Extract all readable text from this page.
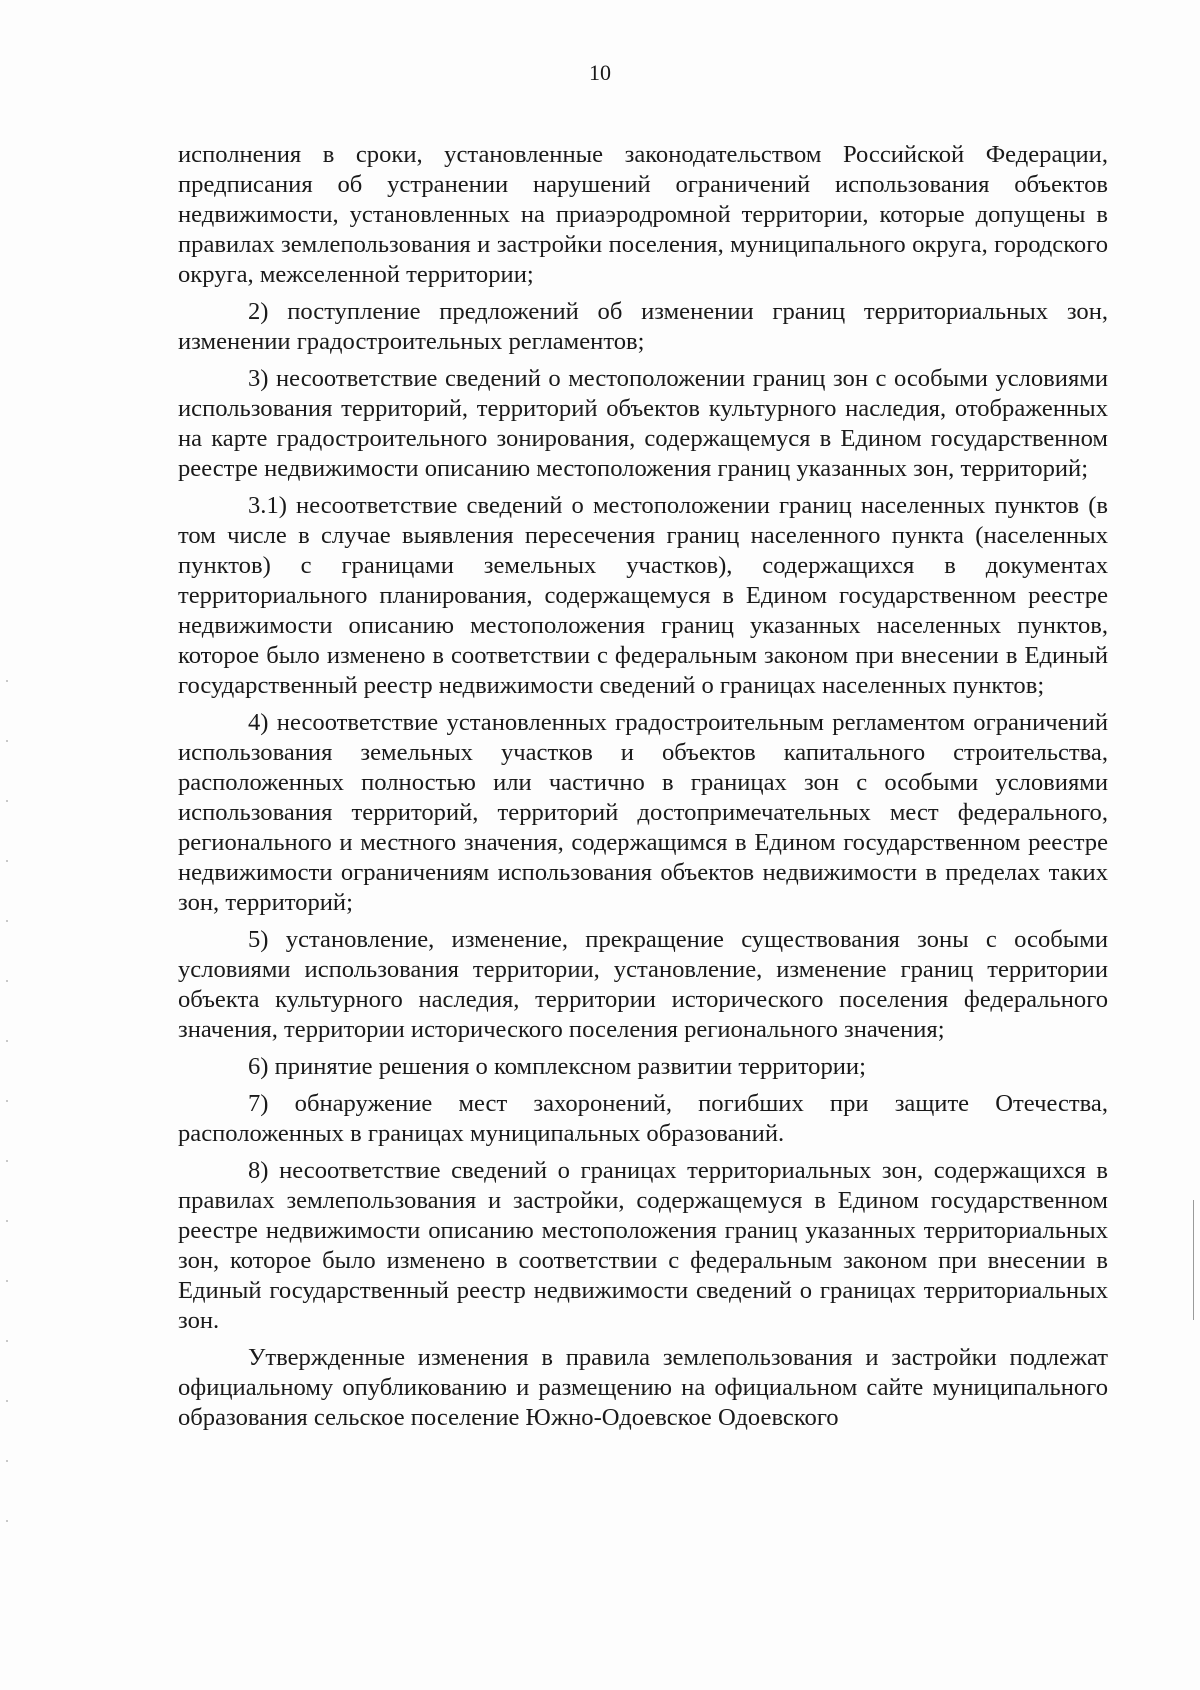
10

исполнения в сроки, установленные законодательством Российской Федерации, предписания об устранении нарушений ограничений использования объектов недвижимости, установленных на приаэродромной территории, которые допущены в правилах землепользования и застройки поселения, муниципального округа, городского округа, межселенной территории;

2) поступление предложений об изменении границ территориальных зон, изменении градостроительных регламентов;

3) несоответствие сведений о местоположении границ зон с особыми условиями использования территорий, территорий объектов культурного наследия, отображенных на карте градостроительного зонирования, содержащемуся в Едином государственном реестре недвижимости описанию местоположения границ указанных зон, территорий;

3.1) несоответствие сведений о местоположении границ населенных пунктов (в том числе в случае выявления пересечения границ населенного пункта (населенных пунктов) с границами земельных участков), содержащихся в документах территориального планирования, содержащемуся в Едином государственном реестре недвижимости описанию местоположения границ указанных населенных пунктов, которое было изменено в соответствии с федеральным законом при внесении в Единый государственный реестр недвижимости сведений о границах населенных пунктов;

4) несоответствие установленных градостроительным регламентом ограничений использования земельных участков и объектов капитального строительства, расположенных полностью или частично в границах зон с особыми условиями использования территорий, территорий достопримечательных мест федерального, регионального и местного значения, содержащимся в Едином государственном реестре недвижимости ограничениям использования объектов недвижимости в пределах таких зон, территорий;

5) установление, изменение, прекращение существования зоны с особыми условиями использования территории, установление, изменение границ территории объекта культурного наследия, территории исторического поселения федерального значения, территории исторического поселения регионального значения;

6) принятие решения о комплексном развитии территории;

7) обнаружение мест захоронений, погибших при защите Отечества, расположенных в границах муниципальных образований.

8) несоответствие сведений о границах территориальных зон, содержащихся в правилах землепользования и застройки, содержащемуся в Едином государственном реестре недвижимости описанию местоположения границ указанных территориальных зон, которое было изменено в соответствии с федеральным законом при внесении в Единый государственный реестр недвижимости сведений о границах территориальных зон.

Утвержденные изменения в правила землепользования и застройки подлежат официальному опубликованию и размещению на официальном сайте муниципального образования сельское поселение Южно-Одоевское Одоевского
